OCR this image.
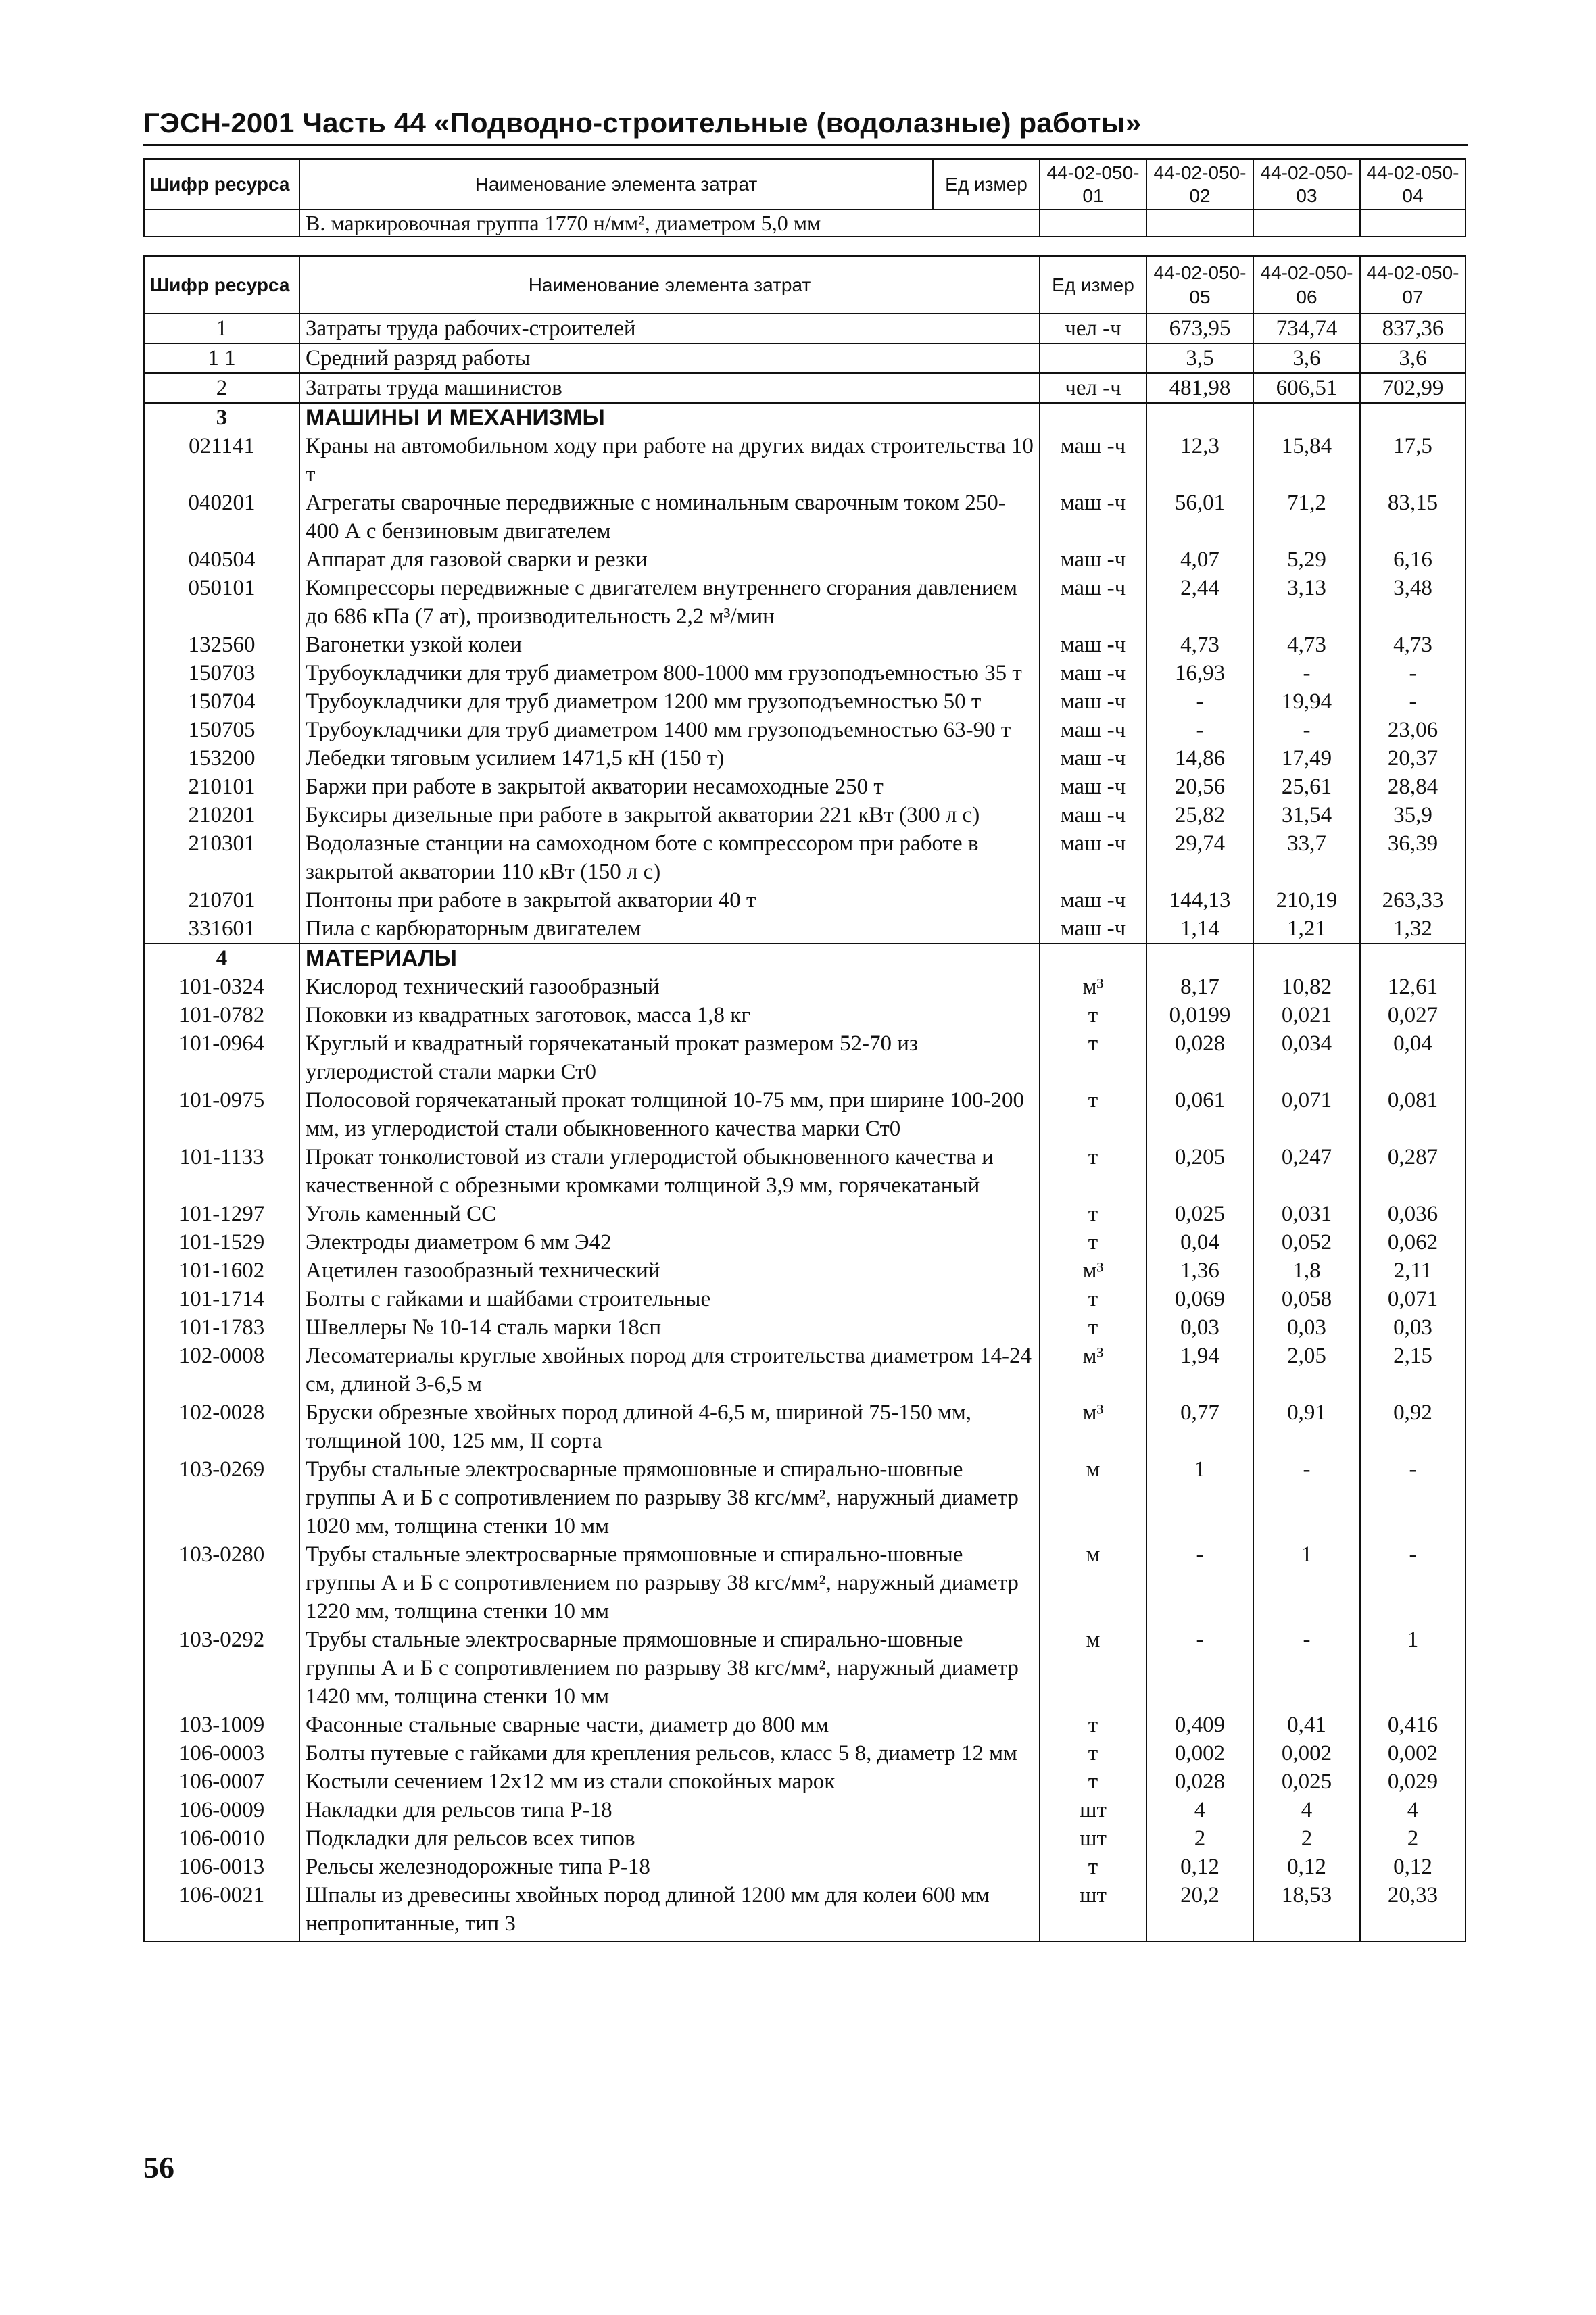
ГЭСН-2001 Часть 44 «Подводно-строительные (водолазные) работы»
Шифр ресурса	Наименование элемента затрат	Ед измер	44-02-050-01	44-02-050-02	44-02-050-03	44-02-050-04
	В. маркировочная группа 1770 н/мм², диаметром 5,0 мм					
Шифр ресурса	Наименование элемента затрат	Ед измер	44-02-050-05	44-02-050-06	44-02-050-07
1	Затраты труда рабочих-строителей	чел -ч	673,95	734,74	837,36
1 1	Средний разряд работы		3,5	3,6	3,6
2	Затраты труда машинистов	чел -ч	481,98	606,51	702,99
3	МАШИНЫ И МЕХАНИЗМЫ				
021141	Краны на автомобильном ходу при работе на других видах строительства 10 т	маш -ч	12,3	15,84	17,5
040201	Агрегаты сварочные передвижные с номинальным сварочным током 250-400 А с бензиновым двигателем	маш -ч	56,01	71,2	83,15
040504	Аппарат для газовой сварки и резки	маш -ч	4,07	5,29	6,16
050101	Компрессоры передвижные с двигателем внутреннего сгорания давлением до 686 кПа (7 ат), производительность 2,2 м³/мин	маш -ч	2,44	3,13	3,48
132560	Вагонетки узкой колеи	маш -ч	4,73	4,73	4,73
150703	Трубоукладчики для труб диаметром 800-1000 мм грузоподъемностью 35 т	маш -ч	16,93	-	-
150704	Трубоукладчики для труб диаметром 1200 мм грузоподъемностью 50 т	маш -ч	-	19,94	-
150705	Трубоукладчики для труб диаметром 1400 мм грузоподъемностью 63-90 т	маш -ч	-	-	23,06
153200	Лебедки тяговым усилием 1471,5 кН (150 т)	маш -ч	14,86	17,49	20,37
210101	Баржи при работе в закрытой акватории несамоходные 250 т	маш -ч	20,56	25,61	28,84
210201	Буксиры дизельные при работе в закрытой акватории 221 кВт (300 л с)	маш -ч	25,82	31,54	35,9
210301	Водолазные станции на самоходном боте с компрессором при работе в закрытой акватории 110 кВт (150 л с)	маш -ч	29,74	33,7	36,39
210701	Понтоны при работе в закрытой акватории 40 т	маш -ч	144,13	210,19	263,33
331601	Пила с карбюраторным двигателем	маш -ч	1,14	1,21	1,32
4	МАТЕРИАЛЫ				
101-0324	Кислород технический газообразный	м³	8,17	10,82	12,61
101-0782	Поковки из квадратных заготовок, масса 1,8 кг	т	0,0199	0,021	0,027
101-0964	Круглый и квадратный горячекатаный прокат размером 52-70 из углеродистой стали марки Ст0	т	0,028	0,034	0,04
101-0975	Полосовой горячекатаный прокат толщиной 10-75 мм, при ширине 100-200 мм, из углеродистой стали обыкновенного качества марки Ст0	т	0,061	0,071	0,081
101-1133	Прокат тонколистовой из стали углеродистой обыкновенного качества и качественной с обрезными кромками толщиной 3,9 мм, горячекатаный	т	0,205	0,247	0,287
101-1297	Уголь каменный СС	т	0,025	0,031	0,036
101-1529	Электроды диаметром 6 мм Э42	т	0,04	0,052	0,062
101-1602	Ацетилен газообразный технический	м³	1,36	1,8	2,11
101-1714	Болты с гайками и шайбами строительные	т	0,069	0,058	0,071
101-1783	Швеллеры № 10-14 сталь марки 18сп	т	0,03	0,03	0,03
102-0008	Лесоматериалы круглые хвойных пород для строительства диаметром 14-24 см, длиной 3-6,5 м	м³	1,94	2,05	2,15
102-0028	Бруски обрезные хвойных пород длиной 4-6,5 м, шириной 75-150 мм, толщиной 100, 125 мм, II сорта	м³	0,77	0,91	0,92
103-0269	Трубы стальные электросварные прямошовные и спирально-шовные группы А и Б с сопротивлением по разрыву 38 кгс/мм², наружный диаметр 1020 мм, толщина стенки 10 мм	м	1	-	-
103-0280	Трубы стальные электросварные прямошовные и спирально-шовные группы А и Б с сопротивлением по разрыву 38 кгс/мм², наружный диаметр 1220 мм, толщина стенки 10 мм	м	-	1	-
103-0292	Трубы стальные электросварные прямошовные и спирально-шовные группы А и Б с сопротивлением по разрыву 38 кгс/мм², наружный диаметр 1420 мм, толщина стенки 10 мм	м	-	-	1
103-1009	Фасонные стальные сварные части, диаметр до 800 мм	т	0,409	0,41	0,416
106-0003	Болты путевые с гайками для крепления рельсов, класс 5 8, диаметр 12 мм	т	0,002	0,002	0,002
106-0007	Костыли сечением 12х12 мм из стали спокойных марок	т	0,028	0,025	0,029
106-0009	Накладки для рельсов типа Р-18	шт	4	4	4
106-0010	Подкладки для рельсов всех типов	шт	2	2	2
106-0013	Рельсы железнодорожные типа Р-18	т	0,12	0,12	0,12
106-0021	Шпалы из древесины хвойных пород длиной 1200 мм для колеи 600 мм непропитанные, тип 3	шт	20,2	18,53	20,33
56
